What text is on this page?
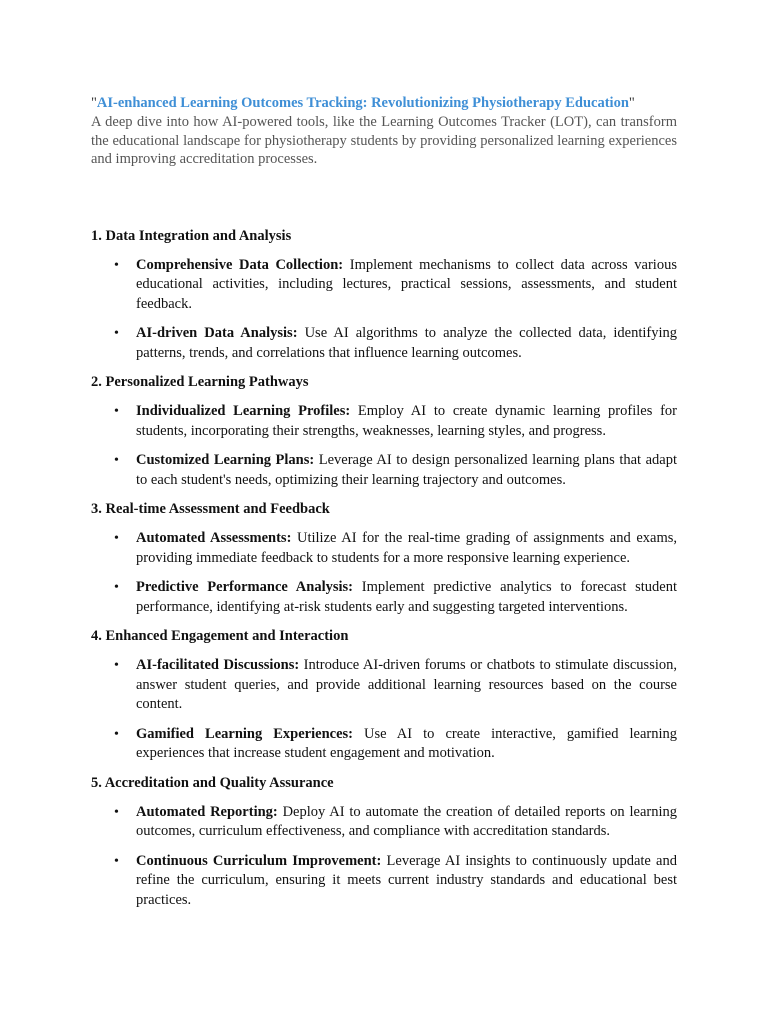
"AI-enhanced Learning Outcomes Tracking: Revolutionizing Physiotherapy Education"

A deep dive into how AI-powered tools, like the Learning Outcomes Tracker (LOT), can transform the educational landscape for physiotherapy students by providing personalized learning experiences and improving accreditation processes.

1. Data Integration and Analysis
• Comprehensive Data Collection: Implement mechanisms to collect data across various educational activities, including lectures, practical sessions, assessments, and student feedback.
• AI-driven Data Analysis: Use AI algorithms to analyze the collected data, identifying patterns, trends, and correlations that influence learning outcomes.
2. Personalized Learning Pathways
• Individualized Learning Profiles: Employ AI to create dynamic learning profiles for students, incorporating their strengths, weaknesses, learning styles, and progress.
• Customized Learning Plans: Leverage AI to design personalized learning plans that adapt to each student's needs, optimizing their learning trajectory and outcomes.
3. Real-time Assessment and Feedback
• Automated Assessments: Utilize AI for the real-time grading of assignments and exams, providing immediate feedback to students for a more responsive learning experience.
• Predictive Performance Analysis: Implement predictive analytics to forecast student performance, identifying at-risk students early and suggesting targeted interventions.
4. Enhanced Engagement and Interaction
• AI-facilitated Discussions: Introduce AI-driven forums or chatbots to stimulate discussion, answer student queries, and provide additional learning resources based on the course content.
• Gamified Learning Experiences: Use AI to create interactive, gamified learning experiences that increase student engagement and motivation.
5. Accreditation and Quality Assurance
• Automated Reporting: Deploy AI to automate the creation of detailed reports on learning outcomes, curriculum effectiveness, and compliance with accreditation standards.
• Continuous Curriculum Improvement: Leverage AI insights to continuously update and refine the curriculum, ensuring it meets current industry standards and educational best practices.
